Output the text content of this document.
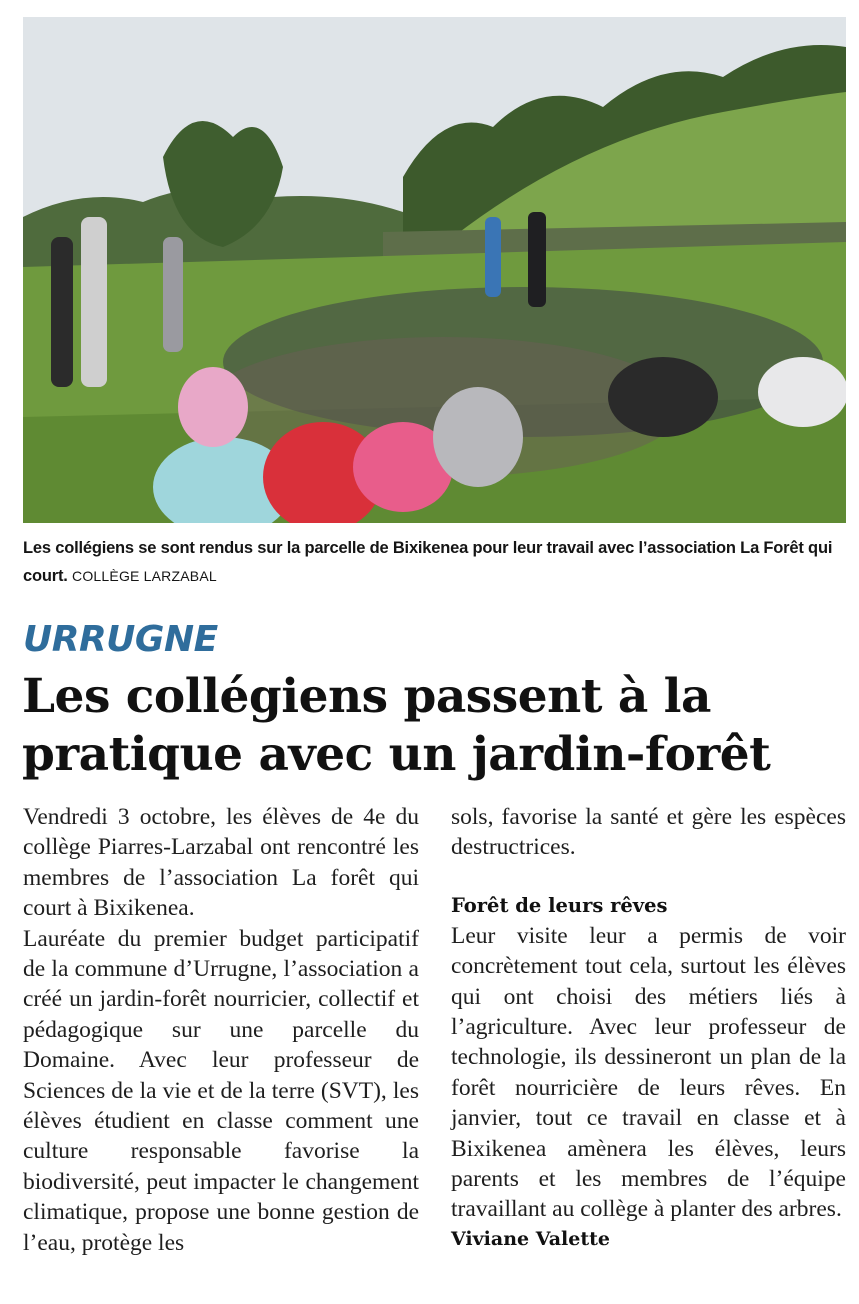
Les collégiens se sont rendus sur la parcelle de Bixikenea pour leur travail avec l’association La Forêt qui court. COLLÈGE LARZABAL
URRUGNE
Les collégiens passent à la pratique avec un jardin-forêt

Vendredi 3 octobre, les élèves de 4e du collège Piarres-Larzabal ont rencontré les membres de l’association La forêt qui court à Bixikenea.

Lauréate du premier budget participatif de la commune d’Urrugne, l’association a créé un jardin-forêt nourricier, collectif et pédagogique sur une parcelle du Domaine. Avec leur professeur de Sciences de la vie et de la terre (SVT), les élèves étudient en classe comment une culture responsable favorise la biodiversité, peut impacter le changement climatique, propose une bonne gestion de l’eau, protège les

sols, favorise la santé et gère les espèces destructrices.

Forêt de leurs rêves

Leur visite leur a permis de voir concrètement tout cela, surtout les élèves qui ont choisi des métiers liés à l’agriculture. Avec leur professeur de technologie, ils dessineront un plan de la forêt nourricière de leurs rêves. En janvier, tout ce travail en classe et à Bixikenea amènera les élèves, leurs parents et les membres de l’équipe travaillant au collège à planter des arbres.

Viviane Valette
